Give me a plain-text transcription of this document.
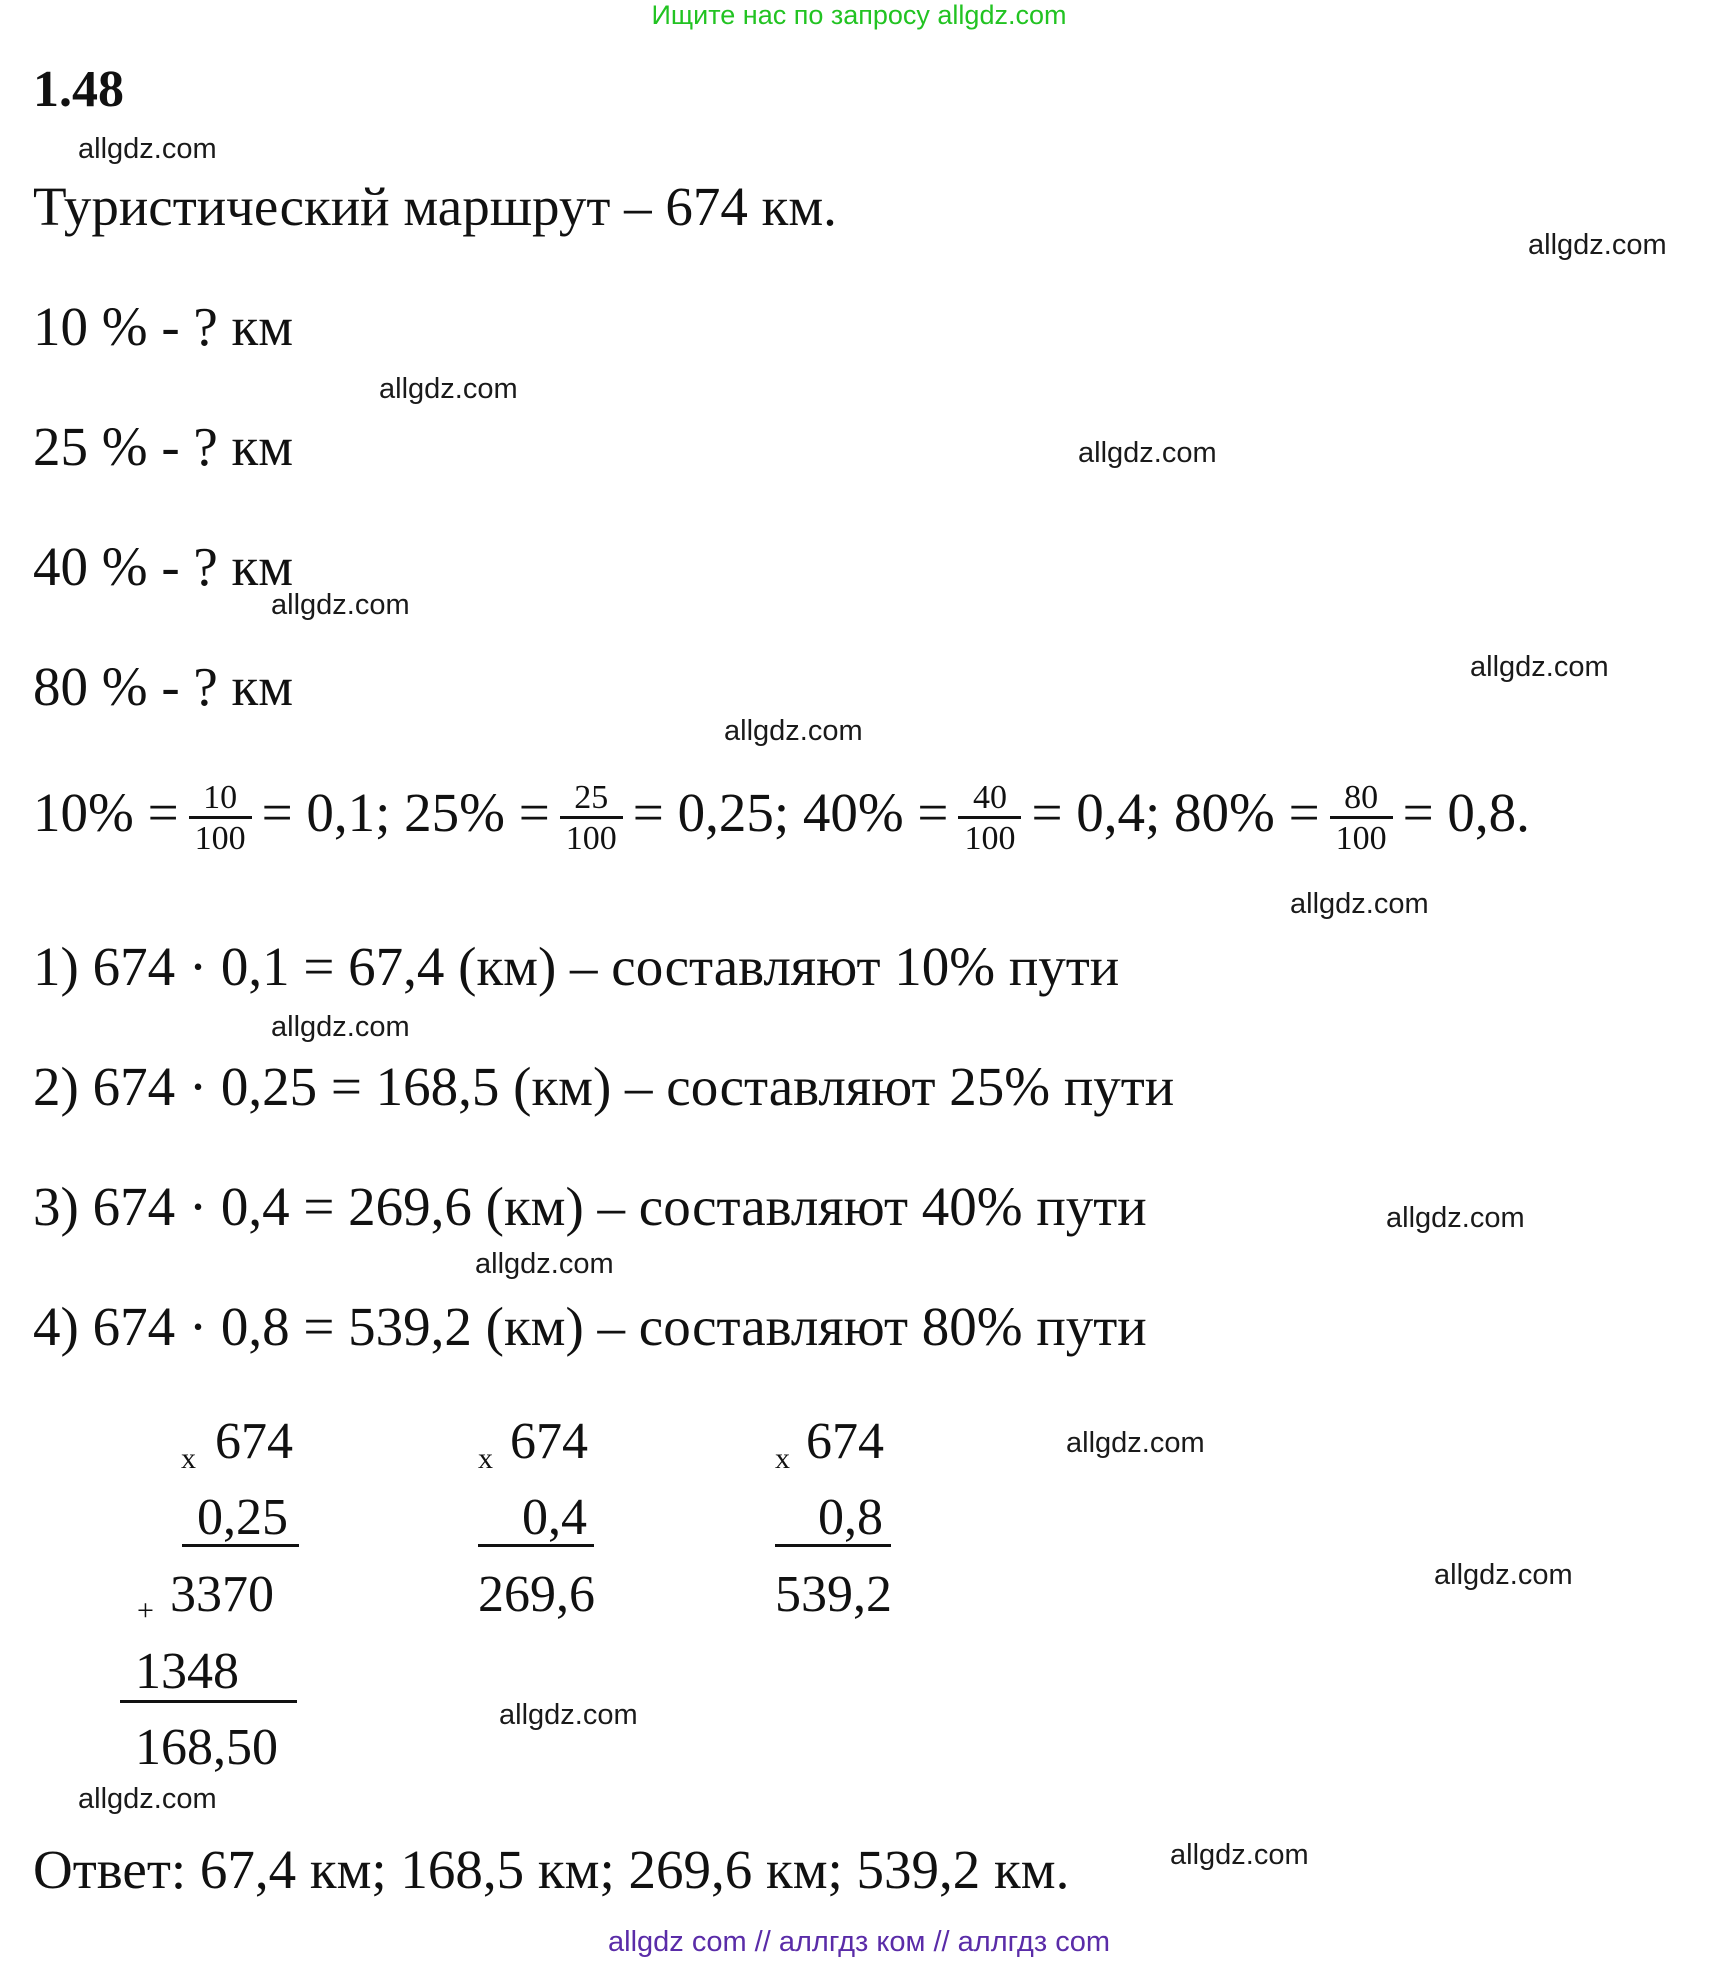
Ищите нас по запросу allgdz.com
1.48
Туристический маршрут – 674 км.
10 % - ? км
25 % - ? км
40 % - ? км
80 % - ? км
$10\% = \frac{10}{100} = 0,1$; $25\% = \frac{25}{100} = 0,25$; $40\% = \frac{40}{100} = 0,4$; $80\% = \frac{80}{100} = 0,8$.
1) 674 · 0,1 = 67,4 (км) – составляют 10% пути
2) 674 · 0,25 = 168,5 (км) – составляют 25% пути
3) 674 · 0,4 = 269,6 (км) – составляют 40% пути
4) 674 · 0,8 = 539,2 (км) – составляют 80% пути
x 674
0,25
+ 3370
1348
168,50
x 674
0,4
269,6
x 674
0,8
539,2
Ответ: 67,4 км; 168,5 км; 269,6 км; 539,2 км.
allgdz.com
allgdz.com
allgdz.com
allgdz.com
allgdz.com
allgdz.com
allgdz.com
allgdz.com
allgdz.com
allgdz.com
allgdz.com
allgdz.com
allgdz.com
allgdz.com
allgdz.com
allgdz.com
allgdz com // аллгдз ком // аллгдз com
